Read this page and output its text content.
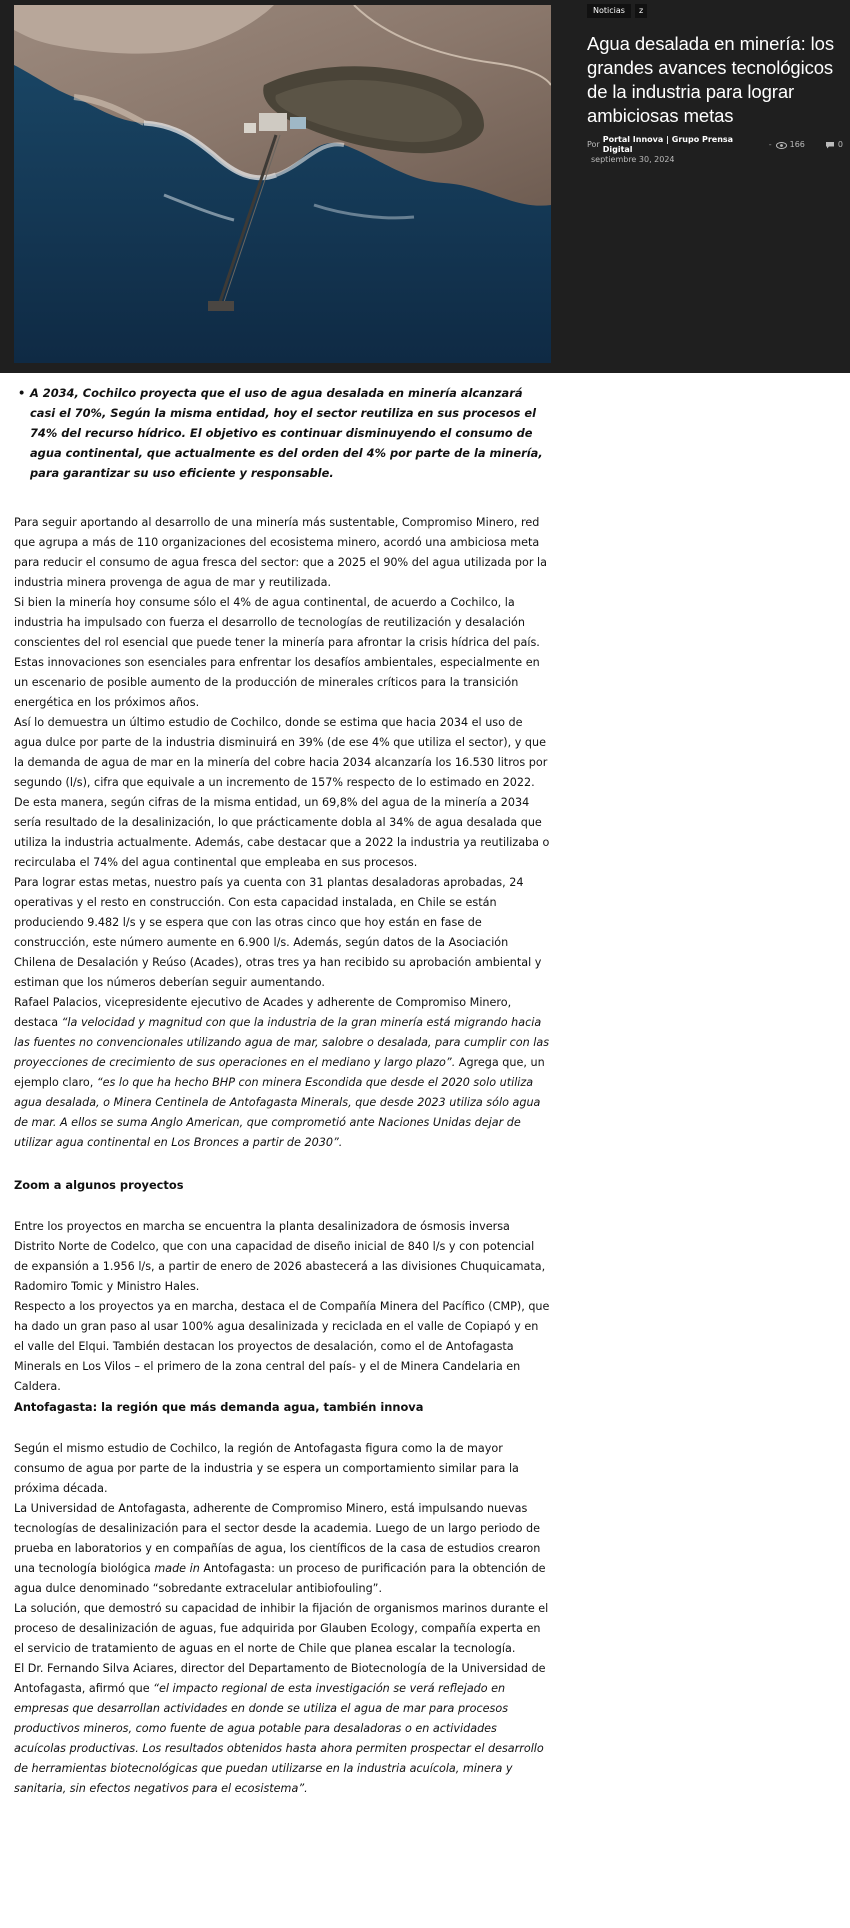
Noticias	z
Agua desalada en minería: los grandes avances tecnológicos de la industria para lograr ambiciosas metas
Por
Portal Innova | Grupo Prensa Digital
- 166	0
septiembre 30, 2024
• A 2034, Cochilco proyecta que el uso de agua desalada en minería alcanzará casi el 70%, Según la misma entidad, hoy el sector reutiliza en sus procesos el 74% del recurso hídrico. El objetivo es continuar disminuyendo el consumo de agua continental, que actualmente es del orden del 4% por parte de la minería, para garantizar su uso eficiente y responsable.

Para seguir aportando al desarrollo de una minería más sustentable, Compromiso Minero, red que agrupa a más de 110 organizaciones del ecosistema minero, acordó una ambiciosa meta para reducir el consumo de agua fresca del sector: que a 2025 el 90% del agua utilizada por la industria minera provenga de agua de mar y reutilizada.

Si bien la minería hoy consume sólo el 4% de agua continental, de acuerdo a Cochilco, la industria ha impulsado con fuerza el desarrollo de tecnologías de reutilización y desalación conscientes del rol esencial que puede tener la minería para afrontar la crisis hídrica del país. Estas innovaciones son esenciales para enfrentar los desafíos ambientales, especialmente en un escenario de posible aumento de la producción de minerales críticos para la transición energética en los próximos años.

Así lo demuestra un último estudio de Cochilco, donde se estima que hacia 2034 el uso de agua dulce por parte de la industria disminuirá en 39% (de ese 4% que utiliza el sector), y que la demanda de agua de mar en la minería del cobre hacia 2034 alcanzaría los 16.530 litros por segundo (l/s), cifra que equivale a un incremento de 157% respecto de lo estimado en 2022.

De esta manera, según cifras de la misma entidad, un 69,8% del agua de la minería a 2034 sería resultado de la desalinización, lo que prácticamente dobla al 34% de agua desalada que utiliza la industria actualmente. Además, cabe destacar que a 2022 la industria ya reutilizaba o recirculaba el 74% del agua continental que empleaba en sus procesos.

Para lograr estas metas, nuestro país ya cuenta con 31 plantas desaladoras aprobadas, 24 operativas y el resto en construcción. Con esta capacidad instalada, en Chile se están produciendo 9.482 l/s y se espera que con las otras cinco que hoy están en fase de construcción, este número aumente en 6.900 l/s. Además, según datos de la Asociación Chilena de Desalación y Reúso (Acades), otras tres ya han recibido su aprobación ambiental y estiman que los números deberían seguir aumentando.

Rafael Palacios, vicepresidente ejecutivo de Acades y adherente de Compromiso Minero, destaca “la velocidad y magnitud con que la industria de la gran minería está migrando hacia las fuentes no convencionales utilizando agua de mar, salobre o desalada, para cumplir con las proyecciones de crecimiento de sus operaciones en el mediano y largo plazo”. Agrega que, un ejemplo claro, “es lo que ha hecho BHP con minera Escondida que desde el 2020 solo utiliza agua desalada, o Minera Centinela de Antofagasta Minerals, que desde 2023 utiliza sólo agua de mar. A ellos se suma Anglo American, que comprometió ante Naciones Unidas dejar de utilizar agua continental en Los Bronces a partir de 2030”.

Zoom a algunos proyectos

Entre los proyectos en marcha se encuentra la planta desalinizadora de ósmosis inversa Distrito Norte de Codelco, que con una capacidad de diseño inicial de 840 l/s y con potencial de expansión a 1.956 l/s, a partir de enero de 2026 abastecerá a las divisiones Chuquicamata, Radomiro Tomic y Ministro Hales.

Respecto a los proyectos ya en marcha, destaca el de Compañía Minera del Pacífico (CMP), que ha dado un gran paso al usar 100% agua desalinizada y reciclada en el valle de Copiapó y en el valle del Elqui. También destacan los proyectos de desalación, como el de Antofagasta Minerals en Los Vilos – el primero de la zona central del país- y el de Minera Candelaria en Caldera.

Antofagasta: la región que más demanda agua, también innova

Según el mismo estudio de Cochilco, la región de Antofagasta figura como la de mayor consumo de agua por parte de la industria y se espera un comportamiento similar para la próxima década.

La Universidad de Antofagasta, adherente de Compromiso Minero, está impulsando nuevas tecnologías de desalinización para el sector desde la academia. Luego de un largo periodo de prueba en laboratorios y en compañías de agua, los científicos de la casa de estudios crearon una tecnología biológica made in Antofagasta: un proceso de purificación para la obtención de agua dulce denominado “sobredante extracelular antibiofouling”.

La solución, que demostró su capacidad de inhibir la fijación de organismos marinos durante el proceso de desalinización de aguas, fue adquirida por Glauben Ecology, compañía experta en el servicio de tratamiento de aguas en el norte de Chile que planea escalar la tecnología.

El Dr. Fernando Silva Aciares, director del Departamento de Biotecnología de la Universidad de Antofagasta, afirmó que “el impacto regional de esta investigación se verá reflejado en empresas que desarrollan actividades en donde se utiliza el agua de mar para procesos productivos mineros, como fuente de agua potable para desaladoras o en actividades acuícolas productivas. Los resultados obtenidos hasta ahora permiten prospectar el desarrollo de herramientas biotecnológicas que puedan utilizarse en la industria acuícola, minera y sanitaria, sin efectos negativos para el ecosistema”.
